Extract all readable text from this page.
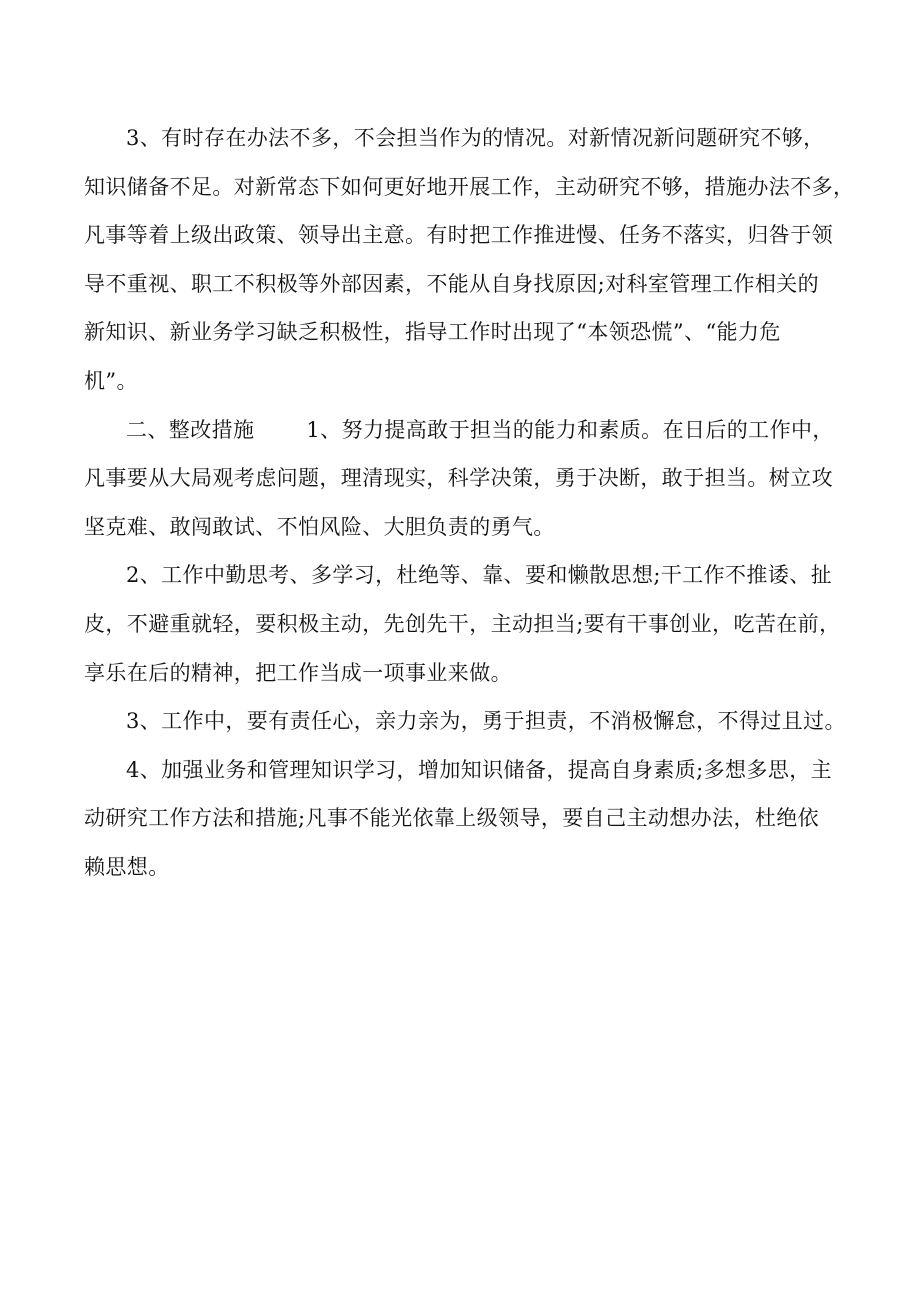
3、有时存在办法不多，不会担当作为的情况。对新情况新问题研究不够，
知识储备不足。对新常态下如何更好地开展工作，主动研究不够，措施办法不多，
凡事等着上级出政策、领导出主意。有时把工作推进慢、任务不落实，归咎于领
导不重视、职工不积极等外部因素，不能从自身找原因;对科室管理工作相关的
新知识、新业务学习缺乏积极性，指导工作时出现了“本领恐慌”、“能力危
机”。
二、整改措施 1、努力提高敢于担当的能力和素质。在日后的工作中，
凡事要从大局观考虑问题，理清现实，科学决策，勇于决断，敢于担当。树立攻
坚克难、敢闯敢试、不怕风险、大胆负责的勇气。
2、工作中勤思考、多学习，杜绝等、靠、要和懒散思想;干工作不推诿、扯
皮，不避重就轻，要积极主动，先创先干，主动担当;要有干事创业，吃苦在前，
享乐在后的精神，把工作当成一项事业来做。
3、工作中，要有责任心，亲力亲为，勇于担责，不消极懈怠，不得过且过。
4、加强业务和管理知识学习，增加知识储备，提高自身素质;多想多思，主
动研究工作方法和措施;凡事不能光依靠上级领导，要自己主动想办法，杜绝依
赖思想。
